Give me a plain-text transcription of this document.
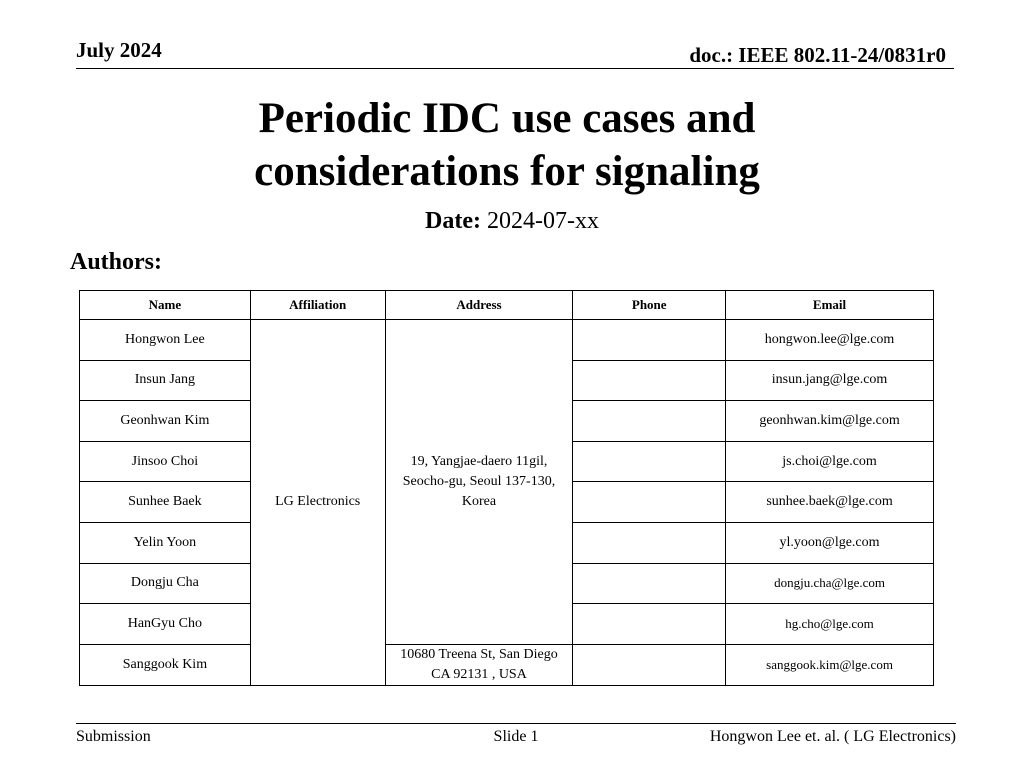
July 2024	doc.: IEEE 802.11-24/0831r0
Periodic IDC use cases and
considerations for signaling
Date: 2024-07-xx
Authors:
Name	Affiliation	Address	Phone	Email
Hongwon Lee	LG Electronics	19, Yangjae-daero 11gil, Seocho-gu, Seoul 137-130, Korea		hongwon.lee@lge.com
Insun Jang				insun.jang@lge.com
Geonhwan Kim				geonhwan.kim@lge.com
Jinsoo Choi				js.choi@lge.com
Sunhee Baek				sunhee.baek@lge.com
Yelin Yoon				yl.yoon@lge.com
Dongju Cha				dongju.cha@lge.com
HanGyu Cho				hg.cho@lge.com
Sanggook Kim		10680 Treena St, San Diego CA 92131 , USA		sanggook.kim@lge.com
Submission	Slide 1	Hongwon Lee et. al. ( LG Electronics)
